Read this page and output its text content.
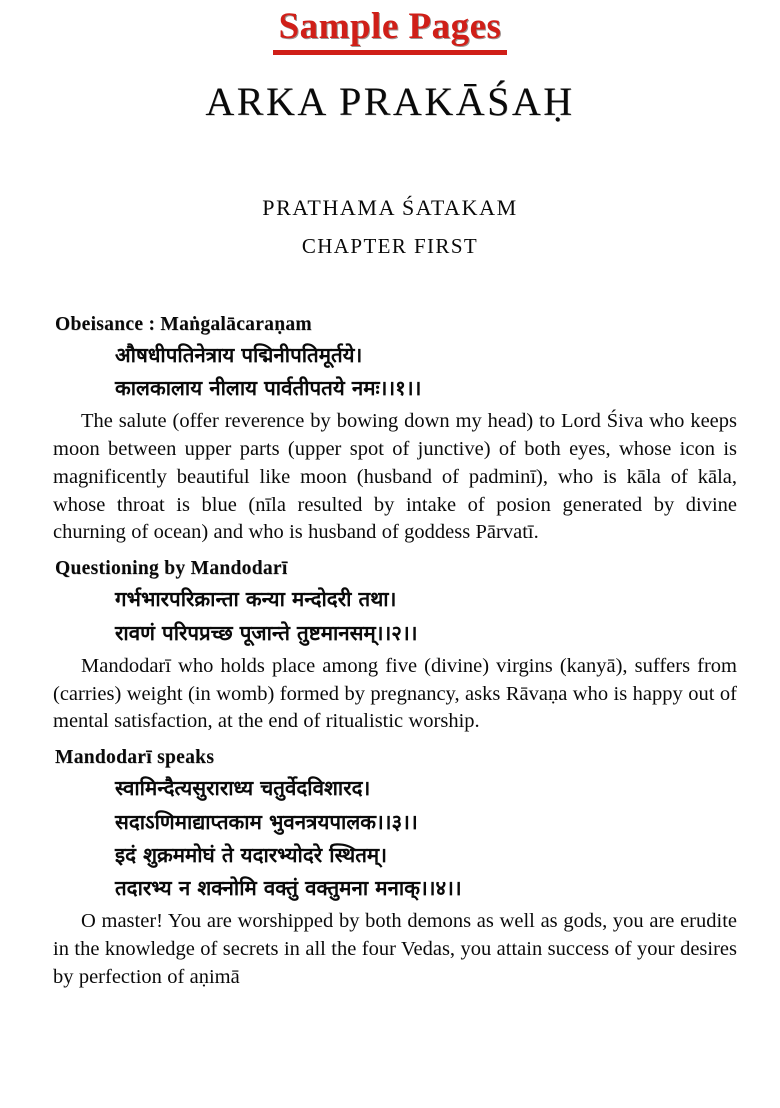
Sample Pages
ARKA PRAKĀŚAḤ
PRATHAMA ŚATAKAM
CHAPTER FIRST
Obeisance : Maṅgalācaraṇam
औषधीपतिनेत्राय पद्मिनीपतिमूर्तये।
कालकालाय नीलाय पार्वतीपतये नमः।।१।।
The salute (offer reverence by bowing down my head) to Lord Śiva who keeps moon between upper parts (upper spot of junctive) of both eyes, whose icon is magnificently beautiful like moon (husband of padminī), who is kāla of kāla, whose throat is blue (nīla resulted by intake of posion generated by divine churning of ocean) and who is husband of goddess Pārvatī.
Questioning by Mandodarī
गर्भभारपरिक्रान्ता कन्या मन्दोदरी तथा।
रावणं परिपप्रच्छ पूजान्ते तुष्टमानसम्।।२।।
Mandodarī who holds place among five (divine) virgins (kanyā), suffers from (carries) weight (in womb) formed by pregnancy, asks Rāvaṇa who is happy out of mental satisfaction, at the end of ritualistic worship.
Mandodarī speaks
स्वामिन्दैत्यसुराराध्य चतुर्वेदविशारद।
सदाऽणिमाद्याप्तकाम भुवनत्रयपालक।।३।।
इदं शुक्रममोघं ते यदारभ्योदरे स्थितम्।
तदारभ्य न शक्नोमि वक्तुं वक्तुमना मनाक्।।४।।
O master! You are worshipped by both demons as well as gods, you are erudite in the knowledge of secrets in all the four Vedas, you attain success of your desires by perfection of aṇimā
